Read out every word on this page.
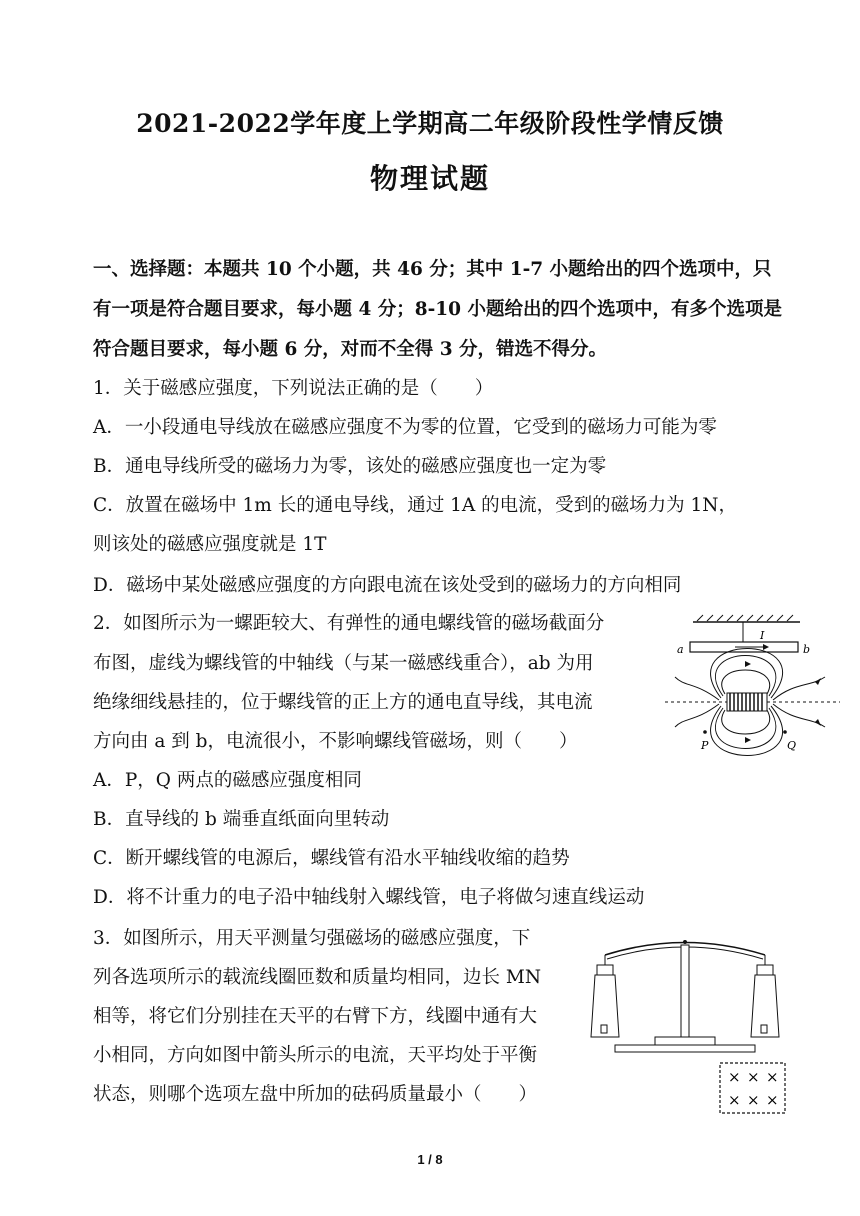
2021-2022学年度上学期高二年级阶段性学情反馈
物理试题
一、选择题：本题共 10 个小题，共 46 分；其中 1-7 小题给出的四个选项中，只有一项是符合题目要求，每小题 4 分；8-10 小题给出的四个选项中，有多个选项是符合题目要求，每小题 6 分，对而不全得 3 分，错选不得分。
1．关于磁感应强度，下列说法正确的是（　　）
A．一小段通电导线放在磁感应强度不为零的位置，它受到的磁场力可能为零
B．通电导线所受的磁场力为零，该处的磁感应强度也一定为零
C．放置在磁场中 1m 长的通电导线，通过 1A 的电流，受到的磁场力为 1N，
则该处的磁感应强度就是 1T
D．磁场中某处磁感应强度的方向跟电流在该处受到的磁场力的方向相同
2．如图所示为一螺距较大、有弹性的通电螺线管的磁场截面分
布图，虚线为螺线管的中轴线（与某一磁感线重合），ab 为用
绝缘细线悬挂的，位于螺线管的正上方的通电直导线，其电流
方向由 a 到 b，电流很小，不影响螺线管磁场，则（　　）
A．P，Q 两点的磁感应强度相同
B．直导线的 b 端垂直纸面向里转动
C．断开螺线管的电源后，螺线管有沿水平轴线收缩的趋势
D．将不计重力的电子沿中轴线射入螺线管，电子将做匀速直线运动
3．如图所示，用天平测量匀强磁场的磁感应强度，下
列各选项所示的载流线圈匝数和质量均相同，边长 MN
相等，将它们分别挂在天平的右臂下方，线圈中通有大
小相同，方向如图中箭头所示的电流，天平均处于平衡
状态，则哪个选项左盘中所加的砝码质量最小（　　）
a	b
I
P	Q
× × ×
× × ×
1 / 8
